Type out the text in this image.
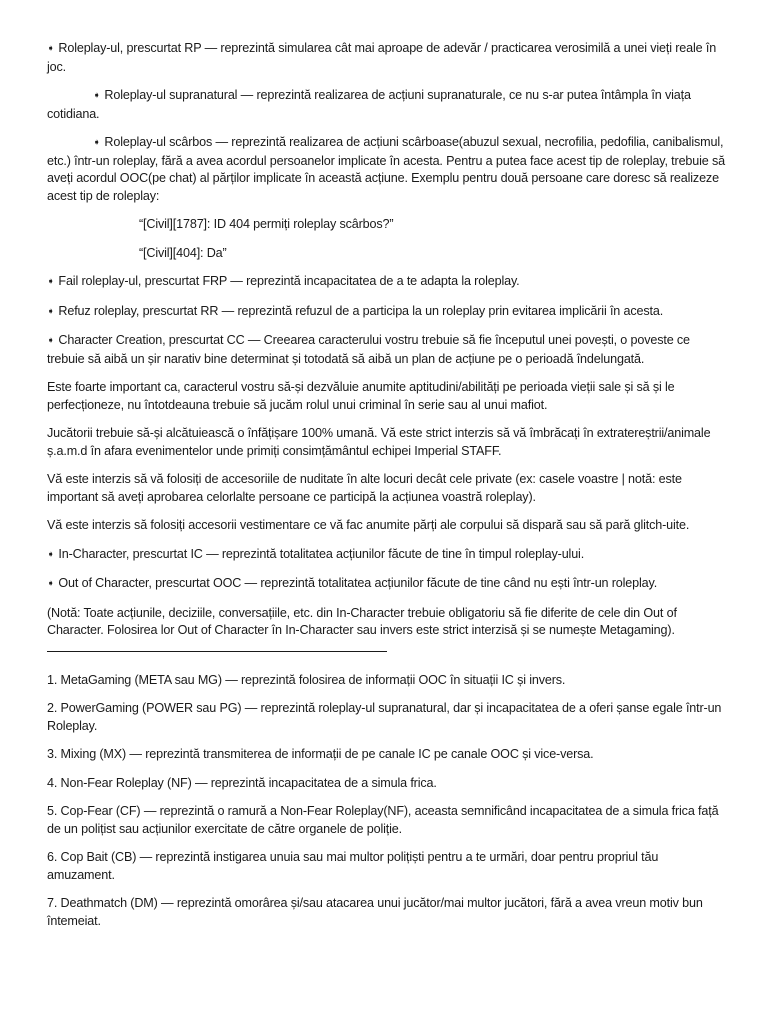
➧ Roleplay-ul, prescurtat RP — reprezintă simularea cât mai aproape de adevăr / practicarea verosimilă a unei vieți reale în joc.

➧ Roleplay-ul supranatural — reprezintă realizarea de acțiuni supranaturale, ce nu s-ar putea întâmpla în viața cotidiana.

➧ Roleplay-ul scârbos — reprezintă realizarea de acțiuni scârboase(abuzul sexual, necrofilia, pedofilia, canibalismul, etc.) într-un roleplay, fără a avea acordul persoanelor implicate în acesta. Pentru a putea face acest tip de roleplay, trebuie să aveți acordul OOC(pe chat) al părților implicate în această acțiune. Exemplu pentru două persoane care doresc să realizeze acest tip de roleplay:

“[Civil][1787]: ID 404 permiți roleplay scârbos?”

“[Civil][404]: Da”

➧ Fail roleplay-ul, prescurtat FRP — reprezintă incapacitatea de a te adapta la roleplay.

➧ Refuz roleplay, prescurtat RR — reprezintă refuzul de a participa la un roleplay prin evitarea implicării în acesta.

➧ Character Creation, prescurtat CC — Creearea caracterului vostru trebuie să fie începutul unei povești, o poveste ce trebuie să aibă un șir narativ bine determinat și totodată să aibă un plan de acțiune pe o perioadă îndelungată.

Este foarte important ca, caracterul vostru să-și dezvăluie anumite aptitudini/abilități pe perioada vieții sale și să și le perfecționeze, nu întotdeauna trebuie să jucăm rolul unui criminal în serie sau al unui mafiot.

Jucătorii trebuie să-și alcătuiească o înfățișare 100% umană. Vă este strict interzis să vă îmbrăcați în extratereștrii/animale ș.a.m.d în afara evenimentelor unde primiți consimțământul echipei Imperial STAFF.

Vă este interzis să vă folosiți de accesoriile de nuditate în alte locuri decât cele private (ex: casele voastre | notă: este important să aveți aprobarea celorlalte persoane ce participă la acțiunea voastră roleplay).

Vă este interzis să folosiți accesorii vestimentare ce vă fac anumite părți ale corpului să dispară sau să pară glitch-uite.

➧ In-Character, prescurtat IC — reprezintă totalitatea acțiunilor făcute de tine în timpul roleplay-ului.

➧ Out of Character, prescurtat OOC — reprezintă totalitatea acțiunilor făcute de tine când nu ești într-un roleplay.

(Notă: Toate acțiunile, deciziile, conversațiile, etc. din In-Character trebuie obligatoriu să fie diferite de cele din Out of Character. Folosirea lor Out of Character în In-Character sau invers este strict interzisă și se numește Metagaming).

1. MetaGaming (META sau MG) — reprezintă folosirea de informații OOC în situații IC și invers.

2. PowerGaming (POWER sau PG) — reprezintă roleplay-ul supranatural, dar și incapacitatea de a oferi șanse egale într-un Roleplay.

3. Mixing (MX) — reprezintă transmiterea de informații de pe canale IC pe canale OOC și vice-versa.

4. Non-Fear Roleplay (NF) — reprezintă incapacitatea de a simula frica.

5. Cop-Fear (CF) — reprezintă o ramură a Non-Fear Roleplay(NF), aceasta semnificând incapacitatea de a simula frica față de un polițist sau acțiunilor exercitate de către organele de poliție.

6. Cop Bait (CB) — reprezintă instigarea unuia sau mai multor polițiști pentru a te urmări, doar pentru propriul tău amuzament.

7. Deathmatch (DM) — reprezintă omorârea și/sau atacarea unui jucător/mai multor jucători, fără a avea vreun motiv bun întemeiat.
